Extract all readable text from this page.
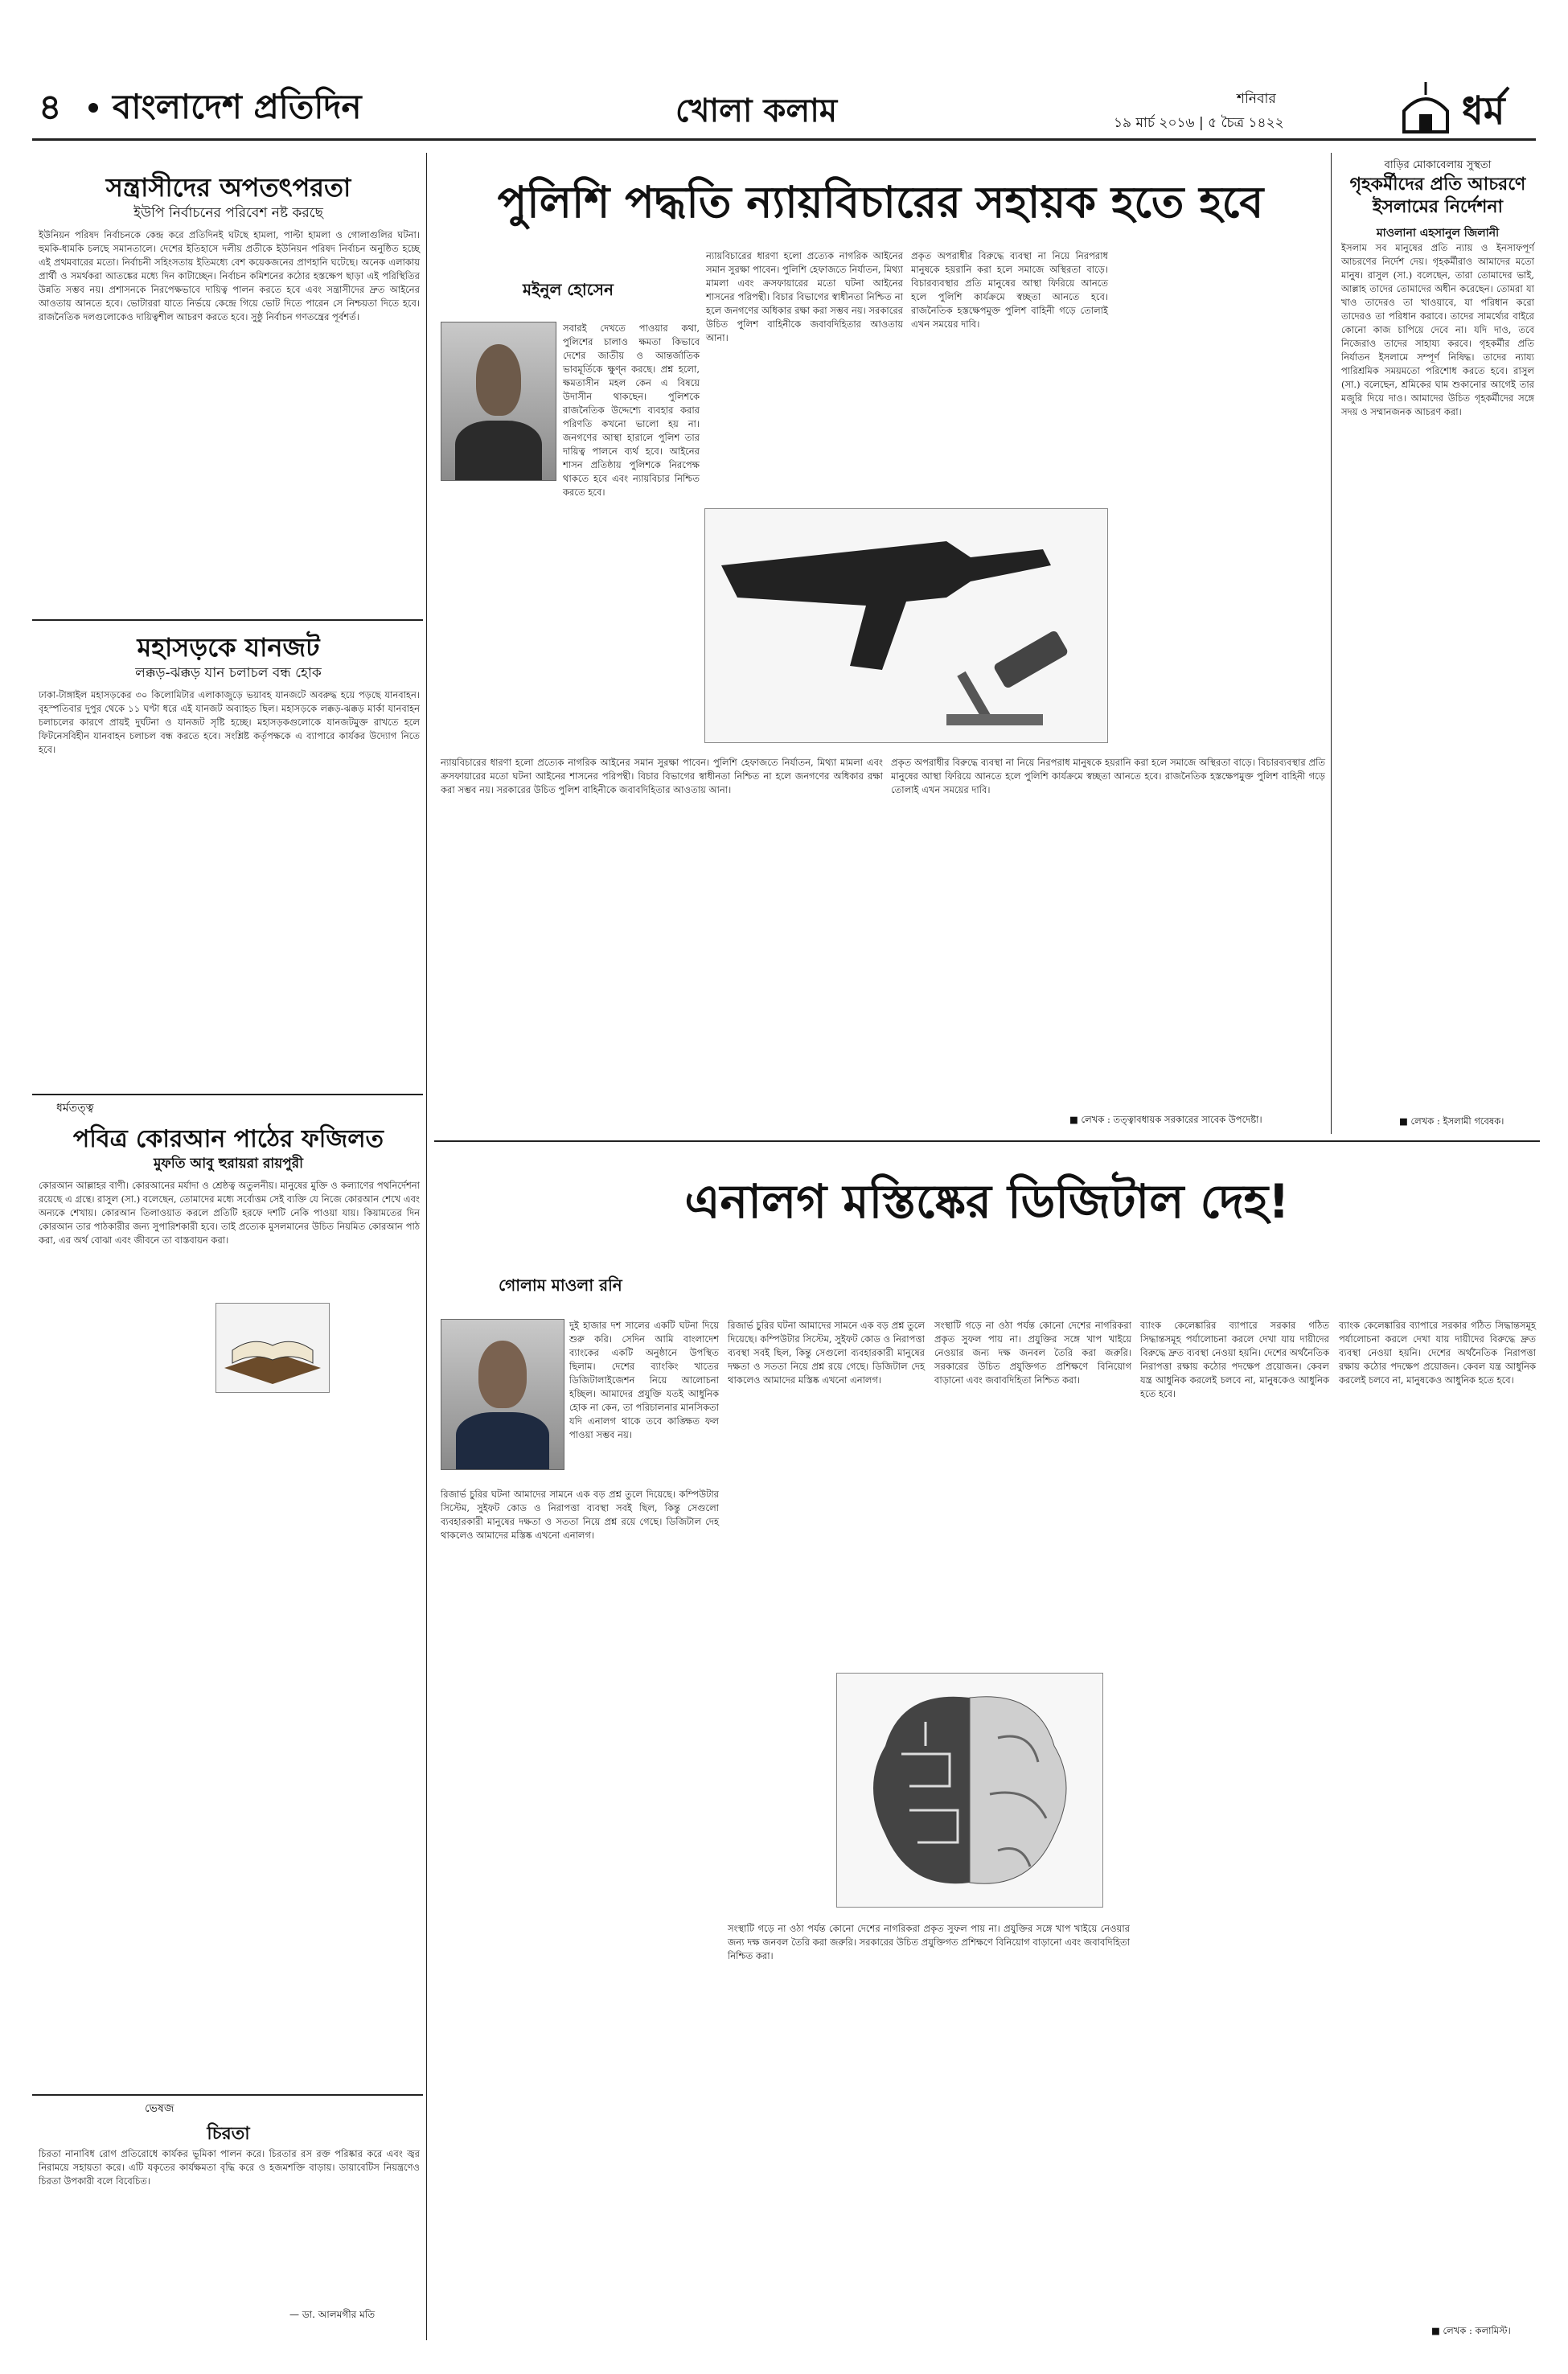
৪ বাংলাদেশ প্রতিদিন	খোলা কলাম	শনিবার
১৯ মার্চ ২০১৬ | ৫ চৈত্র ১৪২২	ধর্ম
সন্ত্রাসীদের অপতৎপরতা
ইউপি নির্বাচনের পরিবেশ নষ্ট করছে
ইউনিয়ন পরিষদ নির্বাচনকে কেন্দ্র করে প্রতিদিনই ঘটছে হামলা, পাল্টা হামলা ও গোলাগুলির ঘটনা। হুমকি-ধামকি চলছে সমানতালে। দেশের ইতিহাসে দলীয় প্রতীকে ইউনিয়ন পরিষদ নির্বাচন অনুষ্ঠিত হচ্ছে এই প্রথমবারের মতো। নির্বাচনী সহিংসতায় ইতিমধ্যে বেশ কয়েকজনের প্রাণহানি ঘটেছে। অনেক এলাকায় প্রার্থী ও সমর্থকরা আতঙ্কের মধ্যে দিন কাটাচ্ছেন। নির্বাচন কমিশনের কঠোর হস্তক্ষেপ ছাড়া এই পরিস্থিতির উন্নতি সম্ভব নয়। প্রশাসনকে নিরপেক্ষভাবে দায়িত্ব পালন করতে হবে এবং সন্ত্রাসীদের দ্রুত আইনের আওতায় আনতে হবে। ভোটাররা যাতে নির্ভয়ে কেন্দ্রে গিয়ে ভোট দিতে পারেন সে নিশ্চয়তা দিতে হবে। রাজনৈতিক দলগুলোকেও দায়িত্বশীল আচরণ করতে হবে। সুষ্ঠু নির্বাচন গণতন্ত্রের পূর্বশর্ত।
মহাসড়কে যানজট
লক্কড়-ঝক্কড় যান চলাচল বন্ধ হোক
ঢাকা-টাঙ্গাইল মহাসড়কের ৩০ কিলোমিটার এলাকাজুড়ে ভয়াবহ যানজটে অবরুদ্ধ হয়ে পড়ছে যানবাহন। বৃহস্পতিবার দুপুর থেকে ১১ ঘণ্টা ধরে এই যানজট অব্যাহত ছিল। মহাসড়কে লক্কড়-ঝক্কড় মার্কা যানবাহন চলাচলের কারণে প্রায়ই দুর্ঘটনা ও যানজট সৃষ্টি হচ্ছে। মহাসড়কগুলোকে যানজটমুক্ত রাখতে হলে ফিটনেসবিহীন যানবাহন চলাচল বন্ধ করতে হবে। সংশ্লিষ্ট কর্তৃপক্ষকে এ ব্যাপারে কার্যকর উদ্যোগ নিতে হবে।
ধর্মতত্ত্ব
পবিত্র কোরআন পাঠের ফজিলত
মুফতি আবু হুরায়রা রায়পুরী
কোরআন আল্লাহর বাণী। কোরআনের মর্যাদা ও শ্রেষ্ঠত্ব অতুলনীয়। মানুষের মুক্তি ও কল্যাণের পথনির্দেশনা রয়েছে এ গ্রন্থে। রাসুল (সা.) বলেছেন, তোমাদের মধ্যে সর্বোত্তম সেই ব্যক্তি যে নিজে কোরআন শেখে এবং অন্যকে শেখায়। কোরআন তিলাওয়াত করলে প্রতিটি হরফে দশটি নেকি পাওয়া যায়। কিয়ামতের দিন কোরআন তার পাঠকারীর জন্য সুপারিশকারী হবে। তাই প্রত্যেক মুসলমানের উচিত নিয়মিত কোরআন পাঠ করা, এর অর্থ বোঝা এবং জীবনে তা বাস্তবায়ন করা।
ভেষজ
চিরতা
চিরতা নানাবিধ রোগ প্রতিরোধে কার্যকর ভূমিকা পালন করে। চিরতার রস রক্ত পরিষ্কার করে এবং জ্বর নিরাময়ে সহায়তা করে। এটি যকৃতের কার্যক্ষমতা বৃদ্ধি করে ও হজমশক্তি বাড়ায়। ডায়াবেটিস নিয়ন্ত্রণেও চিরতা উপকারী বলে বিবেচিত।
— ডা. আলমগীর মতি
পুলিশি পদ্ধতি ন্যায়বিচারের সহায়ক হতে হবে
মইনুল হোসেন
সবারই দেখতে পাওয়ার কথা, পুলিশের চালাও ক্ষমতা কিভাবে দেশের জাতীয় ও আন্তর্জাতিক ভাবমূর্তিকে ক্ষুণ্ন করছে। প্রশ্ন হলো, ক্ষমতাসীন মহল কেন এ বিষয়ে উদাসীন থাকছেন। পুলিশকে রাজনৈতিক উদ্দেশ্যে ব্যবহার করার পরিণতি কখনো ভালো হয় না। জনগণের আস্থা হারালে পুলিশ তার দায়িত্ব পালনে ব্যর্থ হবে। আইনের শাসন প্রতিষ্ঠায় পুলিশকে নিরপেক্ষ থাকতে হবে এবং ন্যায়বিচার নিশ্চিত করতে হবে।
ন্যায়বিচারের ধারণা হলো প্রত্যেক নাগরিক আইনের সমান সুরক্ষা পাবেন। পুলিশি হেফাজতে নির্যাতন, মিথ্যা মামলা এবং ক্রসফায়ারের মতো ঘটনা আইনের শাসনের পরিপন্থী। বিচার বিভাগের স্বাধীনতা নিশ্চিত না হলে জনগণের অধিকার রক্ষা করা সম্ভব নয়। সরকারের উচিত পুলিশ বাহিনীকে জবাবদিহিতার আওতায় আনা।
প্রকৃত অপরাধীর বিরুদ্ধে ব্যবস্থা না নিয়ে নিরপরাধ মানুষকে হয়রানি করা হলে সমাজে অস্থিরতা বাড়ে। বিচারব্যবস্থার প্রতি মানুষের আস্থা ফিরিয়ে আনতে হলে পুলিশি কার্যক্রমে স্বচ্ছতা আনতে হবে। রাজনৈতিক হস্তক্ষেপমুক্ত পুলিশ বাহিনী গড়ে তোলাই এখন সময়ের দাবি।
ন্যায়বিচারের ধারণা হলো প্রত্যেক নাগরিক আইনের সমান সুরক্ষা পাবেন। পুলিশি হেফাজতে নির্যাতন, মিথ্যা মামলা এবং ক্রসফায়ারের মতো ঘটনা আইনের শাসনের পরিপন্থী। বিচার বিভাগের স্বাধীনতা নিশ্চিত না হলে জনগণের অধিকার রক্ষা করা সম্ভব নয়। সরকারের উচিত পুলিশ বাহিনীকে জবাবদিহিতার আওতায় আনা।
প্রকৃত অপরাধীর বিরুদ্ধে ব্যবস্থা না নিয়ে নিরপরাধ মানুষকে হয়রানি করা হলে সমাজে অস্থিরতা বাড়ে। বিচারব্যবস্থার প্রতি মানুষের আস্থা ফিরিয়ে আনতে হলে পুলিশি কার্যক্রমে স্বচ্ছতা আনতে হবে। রাজনৈতিক হস্তক্ষেপমুক্ত পুলিশ বাহিনী গড়ে তোলাই এখন সময়ের দাবি।
■ লেখক : তত্ত্বাবধায়ক সরকারের সাবেক উপদেষ্টা।
বাড়ির মোকাবেলায় সুস্থতা
গৃহকর্মীদের প্রতি আচরণে ইসলামের নির্দেশনা
মাওলানা এহসানুল জিলানী
ইসলাম সব মানুষের প্রতি ন্যায় ও ইনসাফপূর্ণ আচরণের নির্দেশ দেয়। গৃহকর্মীরাও আমাদের মতো মানুষ। রাসুল (সা.) বলেছেন, তারা তোমাদের ভাই, আল্লাহ তাদের তোমাদের অধীন করেছেন। তোমরা যা খাও তাদেরও তা খাওয়াবে, যা পরিধান করো তাদেরও তা পরিধান করাবে। তাদের সামর্থ্যের বাইরে কোনো কাজ চাপিয়ে দেবে না। যদি দাও, তবে নিজেরাও তাদের সাহায্য করবে। গৃহকর্মীর প্রতি নির্যাতন ইসলামে সম্পূর্ণ নিষিদ্ধ। তাদের ন্যায্য পারিশ্রমিক সময়মতো পরিশোধ করতে হবে। রাসুল (সা.) বলেছেন, শ্রমিকের ঘাম শুকানোর আগেই তার মজুরি দিয়ে দাও। আমাদের উচিত গৃহকর্মীদের সঙ্গে সদয় ও সম্মানজনক আচরণ করা।
■ লেখক : ইসলামী গবেষক।
এনালগ মস্তিষ্কের ডিজিটাল দেহ!
গোলাম মাওলা রনি
দুই হাজার দশ সালের একটি ঘটনা দিয়ে শুরু করি। সেদিন আমি বাংলাদেশ ব্যাংকের একটি অনুষ্ঠানে উপস্থিত ছিলাম। দেশের ব্যাংকিং খাতের ডিজিটালাইজেশন নিয়ে আলোচনা হচ্ছিল। আমাদের প্রযুক্তি যতই আধুনিক হোক না কেন, তা পরিচালনার মানসিকতা যদি এনালগ থাকে তবে কাঙ্ক্ষিত ফল পাওয়া সম্ভব নয়।
রিজার্ভ চুরির ঘটনা আমাদের সামনে এক বড় প্রশ্ন তুলে দিয়েছে। কম্পিউটার সিস্টেম, সুইফট কোড ও নিরাপত্তা ব্যবস্থা সবই ছিল, কিন্তু সেগুলো ব্যবহারকারী মানুষের দক্ষতা ও সততা নিয়ে প্রশ্ন রয়ে গেছে। ডিজিটাল দেহ থাকলেও আমাদের মস্তিষ্ক এখনো এনালগ।
রিজার্ভ চুরির ঘটনা আমাদের সামনে এক বড় প্রশ্ন তুলে দিয়েছে। কম্পিউটার সিস্টেম, সুইফট কোড ও নিরাপত্তা ব্যবস্থা সবই ছিল, কিন্তু সেগুলো ব্যবহারকারী মানুষের দক্ষতা ও সততা নিয়ে প্রশ্ন রয়ে গেছে। ডিজিটাল দেহ থাকলেও আমাদের মস্তিষ্ক এখনো এনালগ।
সংস্থাটি গড়ে না ওঠা পর্যন্ত কোনো দেশের নাগরিকরা প্রকৃত সুফল পায় না। প্রযুক্তির সঙ্গে খাপ খাইয়ে নেওয়ার জন্য দক্ষ জনবল তৈরি করা জরুরি। সরকারের উচিত প্রযুক্তিগত প্রশিক্ষণে বিনিয়োগ বাড়ানো এবং জবাবদিহিতা নিশ্চিত করা।
সংস্থাটি গড়ে না ওঠা পর্যন্ত কোনো দেশের নাগরিকরা প্রকৃত সুফল পায় না। প্রযুক্তির সঙ্গে খাপ খাইয়ে নেওয়ার জন্য দক্ষ জনবল তৈরি করা জরুরি। সরকারের উচিত প্রযুক্তিগত প্রশিক্ষণে বিনিয়োগ বাড়ানো এবং জবাবদিহিতা নিশ্চিত করা।
ব্যাংক কেলেঙ্কারির ব্যাপারে সরকার গঠিত সিদ্ধান্তসমূহ পর্যালোচনা করলে দেখা যায় দায়ীদের বিরুদ্ধে দ্রুত ব্যবস্থা নেওয়া হয়নি। দেশের অর্থনৈতিক নিরাপত্তা রক্ষায় কঠোর পদক্ষেপ প্রয়োজন। কেবল যন্ত্র আধুনিক করলেই চলবে না, মানুষকেও আধুনিক হতে হবে।
ব্যাংক কেলেঙ্কারির ব্যাপারে সরকার গঠিত সিদ্ধান্তসমূহ পর্যালোচনা করলে দেখা যায় দায়ীদের বিরুদ্ধে দ্রুত ব্যবস্থা নেওয়া হয়নি। দেশের অর্থনৈতিক নিরাপত্তা রক্ষায় কঠোর পদক্ষেপ প্রয়োজন। কেবল যন্ত্র আধুনিক করলেই চলবে না, মানুষকেও আধুনিক হতে হবে।
■ লেখক : কলামিস্ট।
